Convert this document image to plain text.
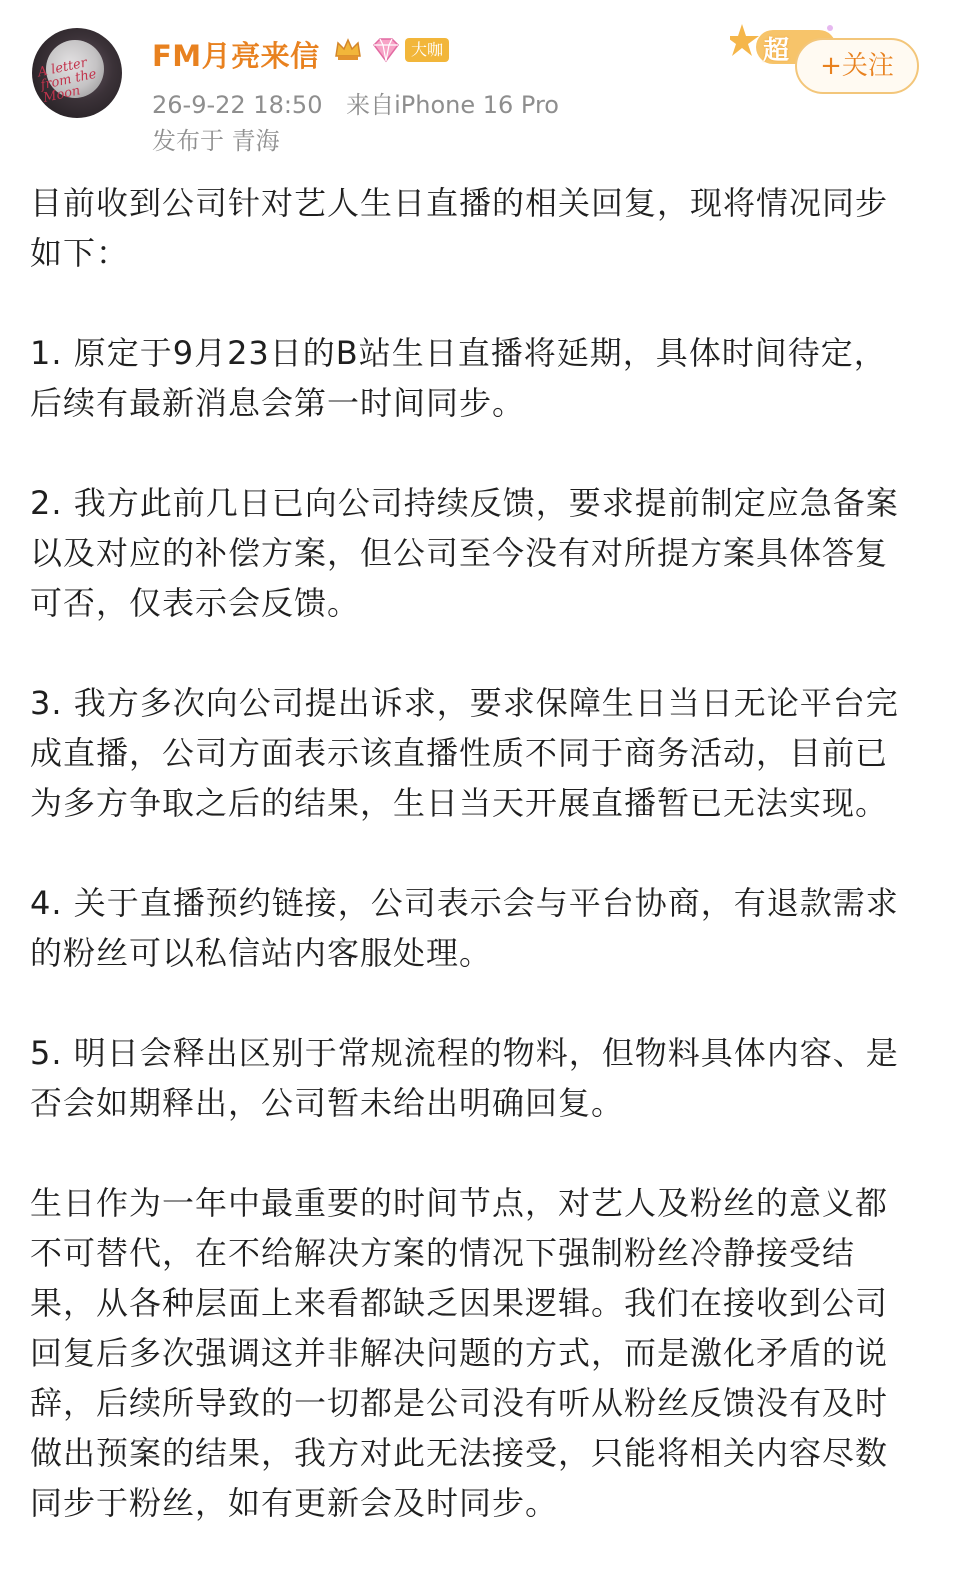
A letter from the Moon
FM月亮来信	大咖
26-9-22 18:50 来自iPhone 16 Pro
发布于 青海
超	+关注

目前收到公司针对艺人生日直播的相关回复，现将情况同步如下：

1. 原定于9月23日的B站生日直播将延期，具体时间待定，后续有最新消息会第一时间同步。

2. 我方此前几日已向公司持续反馈，要求提前制定应急备案以及对应的补偿方案，但公司至今没有对所提方案具体答复可否，仅表示会反馈。

3. 我方多次向公司提出诉求，要求保障生日当日无论平台完成直播，公司方面表示该直播性质不同于商务活动，目前已为多方争取之后的结果，生日当天开展直播暂已无法实现。

4. 关于直播预约链接，公司表示会与平台协商，有退款需求的粉丝可以私信站内客服处理。

5. 明日会释出区别于常规流程的物料，但物料具体内容、是否会如期释出，公司暂未给出明确回复。

生日作为一年中最重要的时间节点，对艺人及粉丝的意义都不可替代，在不给解决方案的情况下强制粉丝冷静接受结果，从各种层面上来看都缺乏因果逻辑。我们在接收到公司回复后多次强调这并非解决问题的方式，而是激化矛盾的说辞，后续所导致的一切都是公司没有听从粉丝反馈没有及时做出预案的结果，我方对此无法接受，只能将相关内容尽数同步于粉丝，如有更新会及时同步。
